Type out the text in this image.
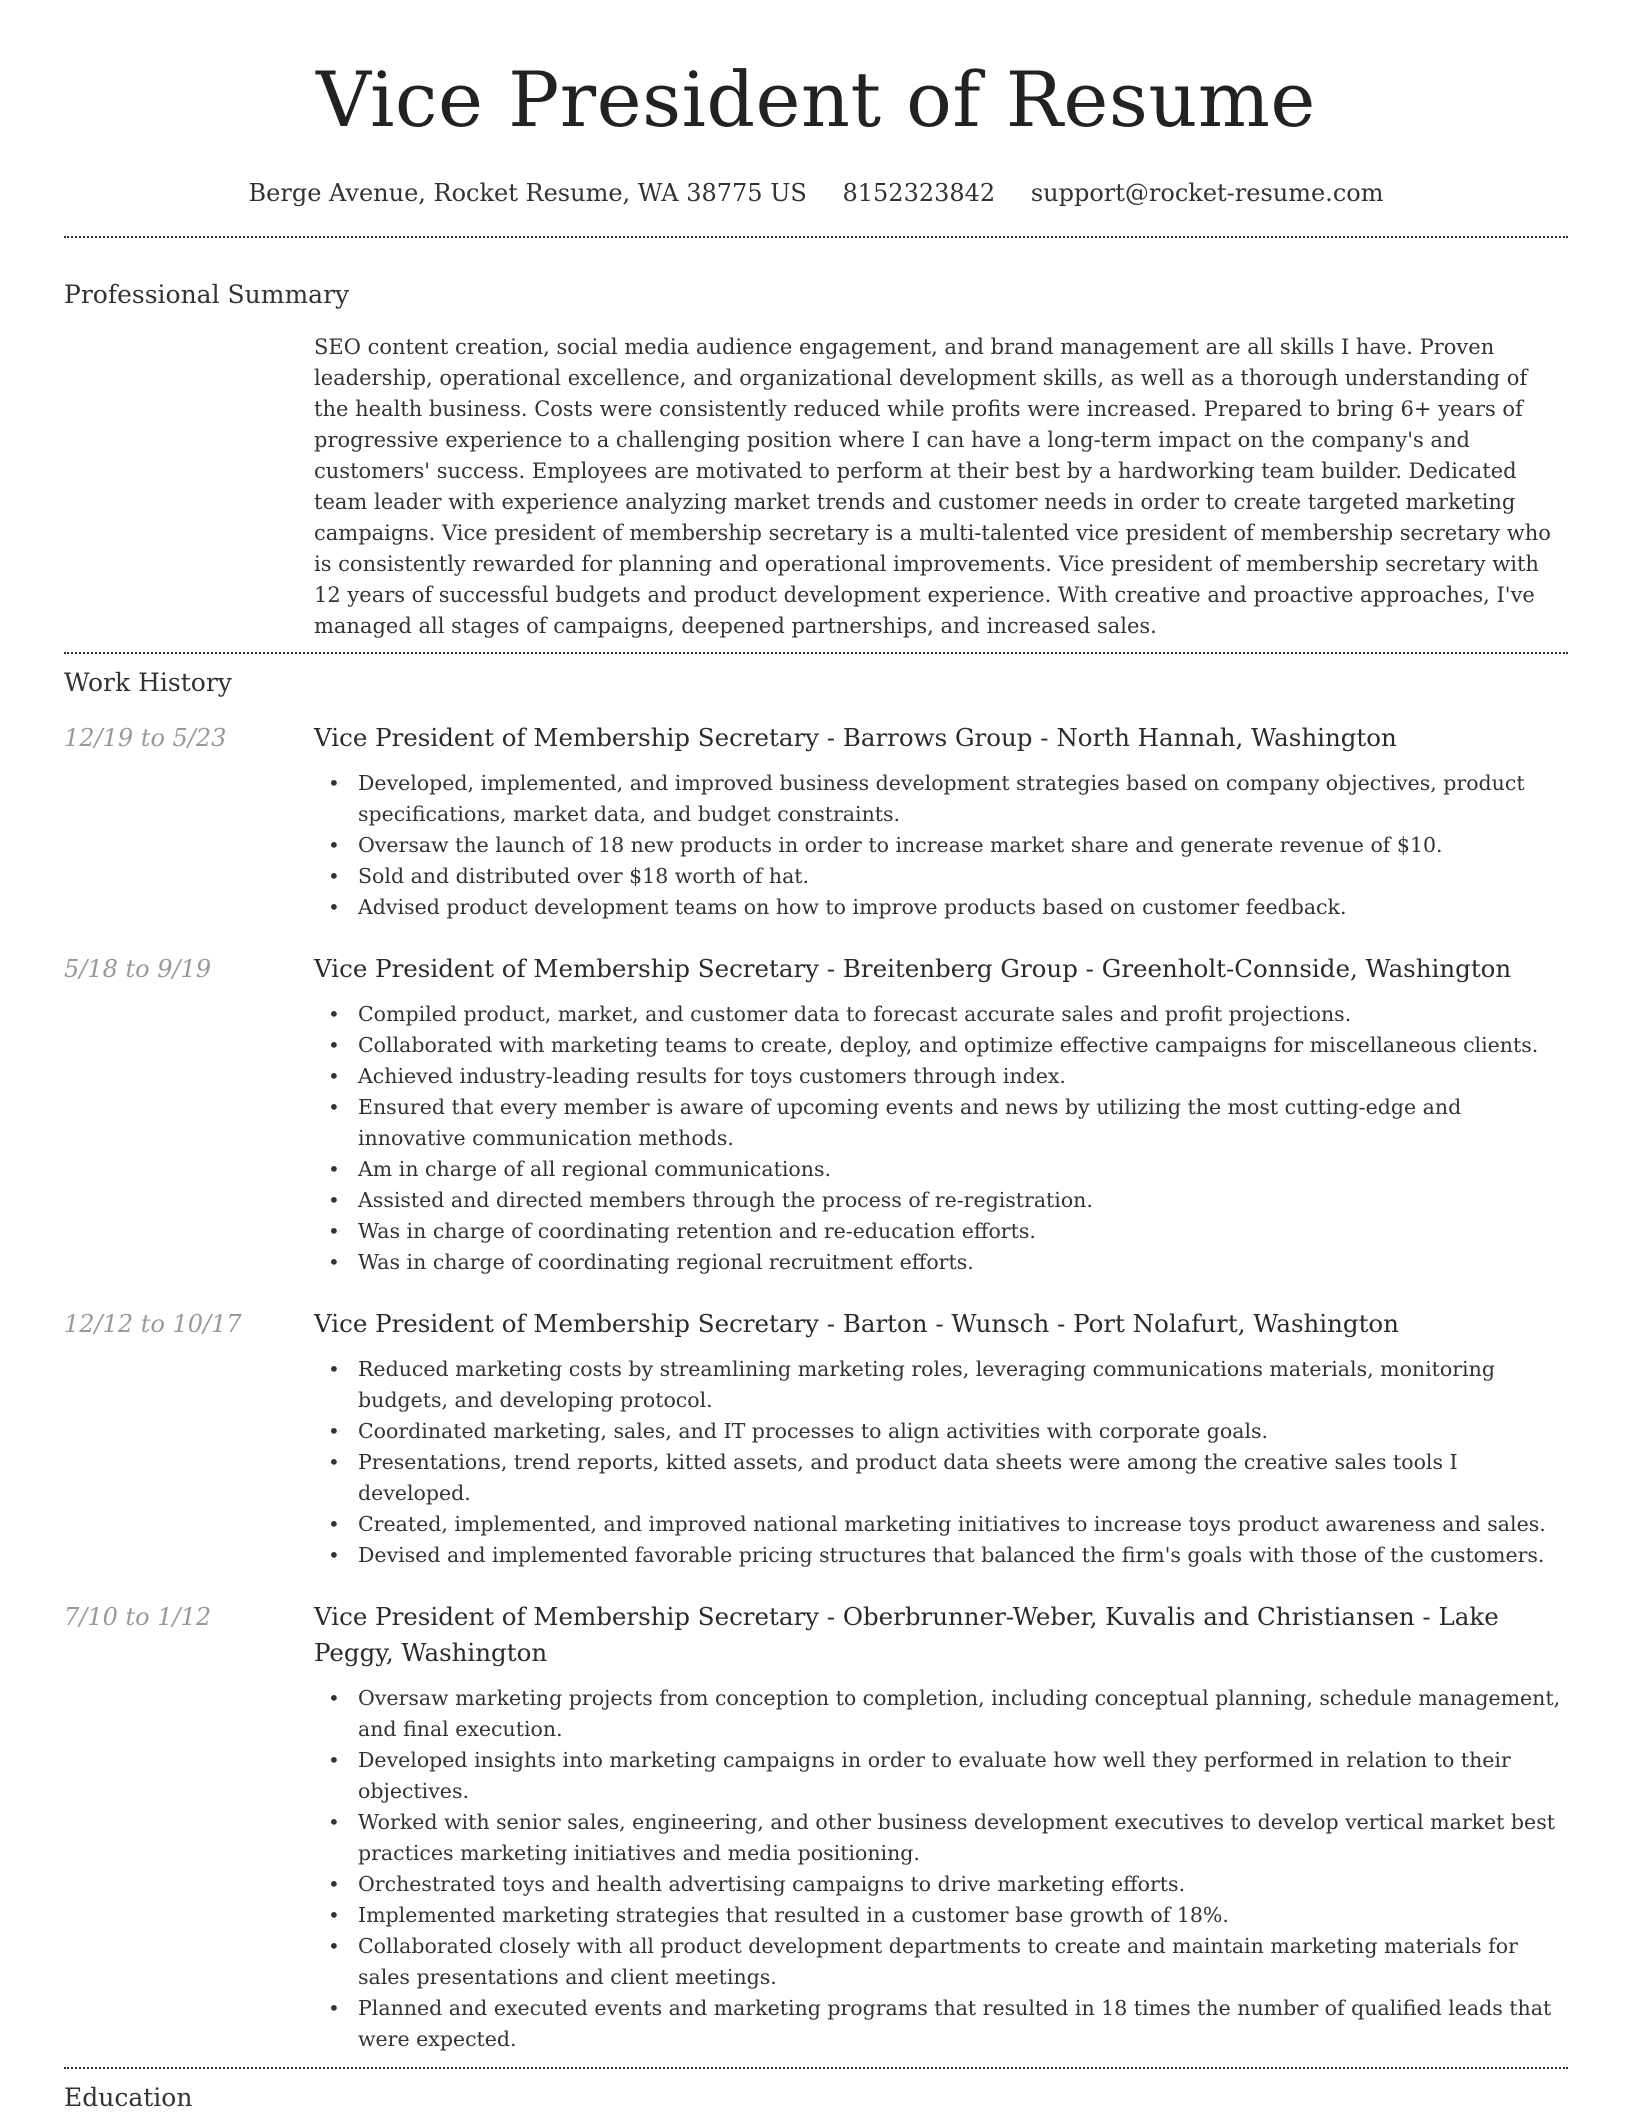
Vice President of Resume
Berge Avenue, Rocket Resume, WA 38775 US 8152323842 support@rocket-resume.com
Professional Summary
SEO content creation, social media audience engagement, and brand management are all skills I have. Proven leadership, operational excellence, and organizational development skills, as well as a thorough understanding of the health business. Costs were consistently reduced while profits were increased. Prepared to bring 6+ years of progressive experience to a challenging position where I can have a long-term impact on the company's and customers' success. Employees are motivated to perform at their best by a hardworking team builder. Dedicated team leader with experience analyzing market trends and customer needs in order to create targeted marketing campaigns. Vice president of membership secretary is a multi-talented vice president of membership secretary who is consistently rewarded for planning and operational improvements. Vice president of membership secretary with 12 years of successful budgets and product development experience. With creative and proactive approaches, I've managed all stages of campaigns, deepened partnerships, and increased sales.
Work History
12/19 to 5/23	Vice President of Membership Secretary - Barrows Group - North Hannah, Washington
• Developed, implemented, and improved business development strategies based on company objectives, product specifications, market data, and budget constraints.
• Oversaw the launch of 18 new products in order to increase market share and generate revenue of $10.
• Sold and distributed over $18 worth of hat.
• Advised product development teams on how to improve products based on customer feedback.
5/18 to 9/19	Vice President of Membership Secretary - Breitenberg Group - Greenholt-Connside, Washington
• Compiled product, market, and customer data to forecast accurate sales and profit projections.
• Collaborated with marketing teams to create, deploy, and optimize effective campaigns for miscellaneous clients.
• Achieved industry-leading results for toys customers through index.
• Ensured that every member is aware of upcoming events and news by utilizing the most cutting-edge and innovative communication methods.
• Am in charge of all regional communications.
• Assisted and directed members through the process of re-registration.
• Was in charge of coordinating retention and re-education efforts.
• Was in charge of coordinating regional recruitment efforts.
12/12 to 10/17	Vice President of Membership Secretary - Barton - Wunsch - Port Nolafurt, Washington
• Reduced marketing costs by streamlining marketing roles, leveraging communications materials, monitoring budgets, and developing protocol.
• Coordinated marketing, sales, and IT processes to align activities with corporate goals.
• Presentations, trend reports, kitted assets, and product data sheets were among the creative sales tools I developed.
• Created, implemented, and improved national marketing initiatives to increase toys product awareness and sales.
• Devised and implemented favorable pricing structures that balanced the firm's goals with those of the customers.
7/10 to 1/12	Vice President of Membership Secretary - Oberbrunner-Weber, Kuvalis and Christiansen - Lake Peggy, Washington
• Oversaw marketing projects from conception to completion, including conceptual planning, schedule management, and final execution.
• Developed insights into marketing campaigns in order to evaluate how well they performed in relation to their objectives.
• Worked with senior sales, engineering, and other business development executives to develop vertical market best practices marketing initiatives and media positioning.
• Orchestrated toys and health advertising campaigns to drive marketing efforts.
• Implemented marketing strategies that resulted in a customer base growth of 18%.
• Collaborated closely with all product development departments to create and maintain marketing materials for sales presentations and client meetings.
• Planned and executed events and marketing programs that resulted in 18 times the number of qualified leads that were expected.
Education
